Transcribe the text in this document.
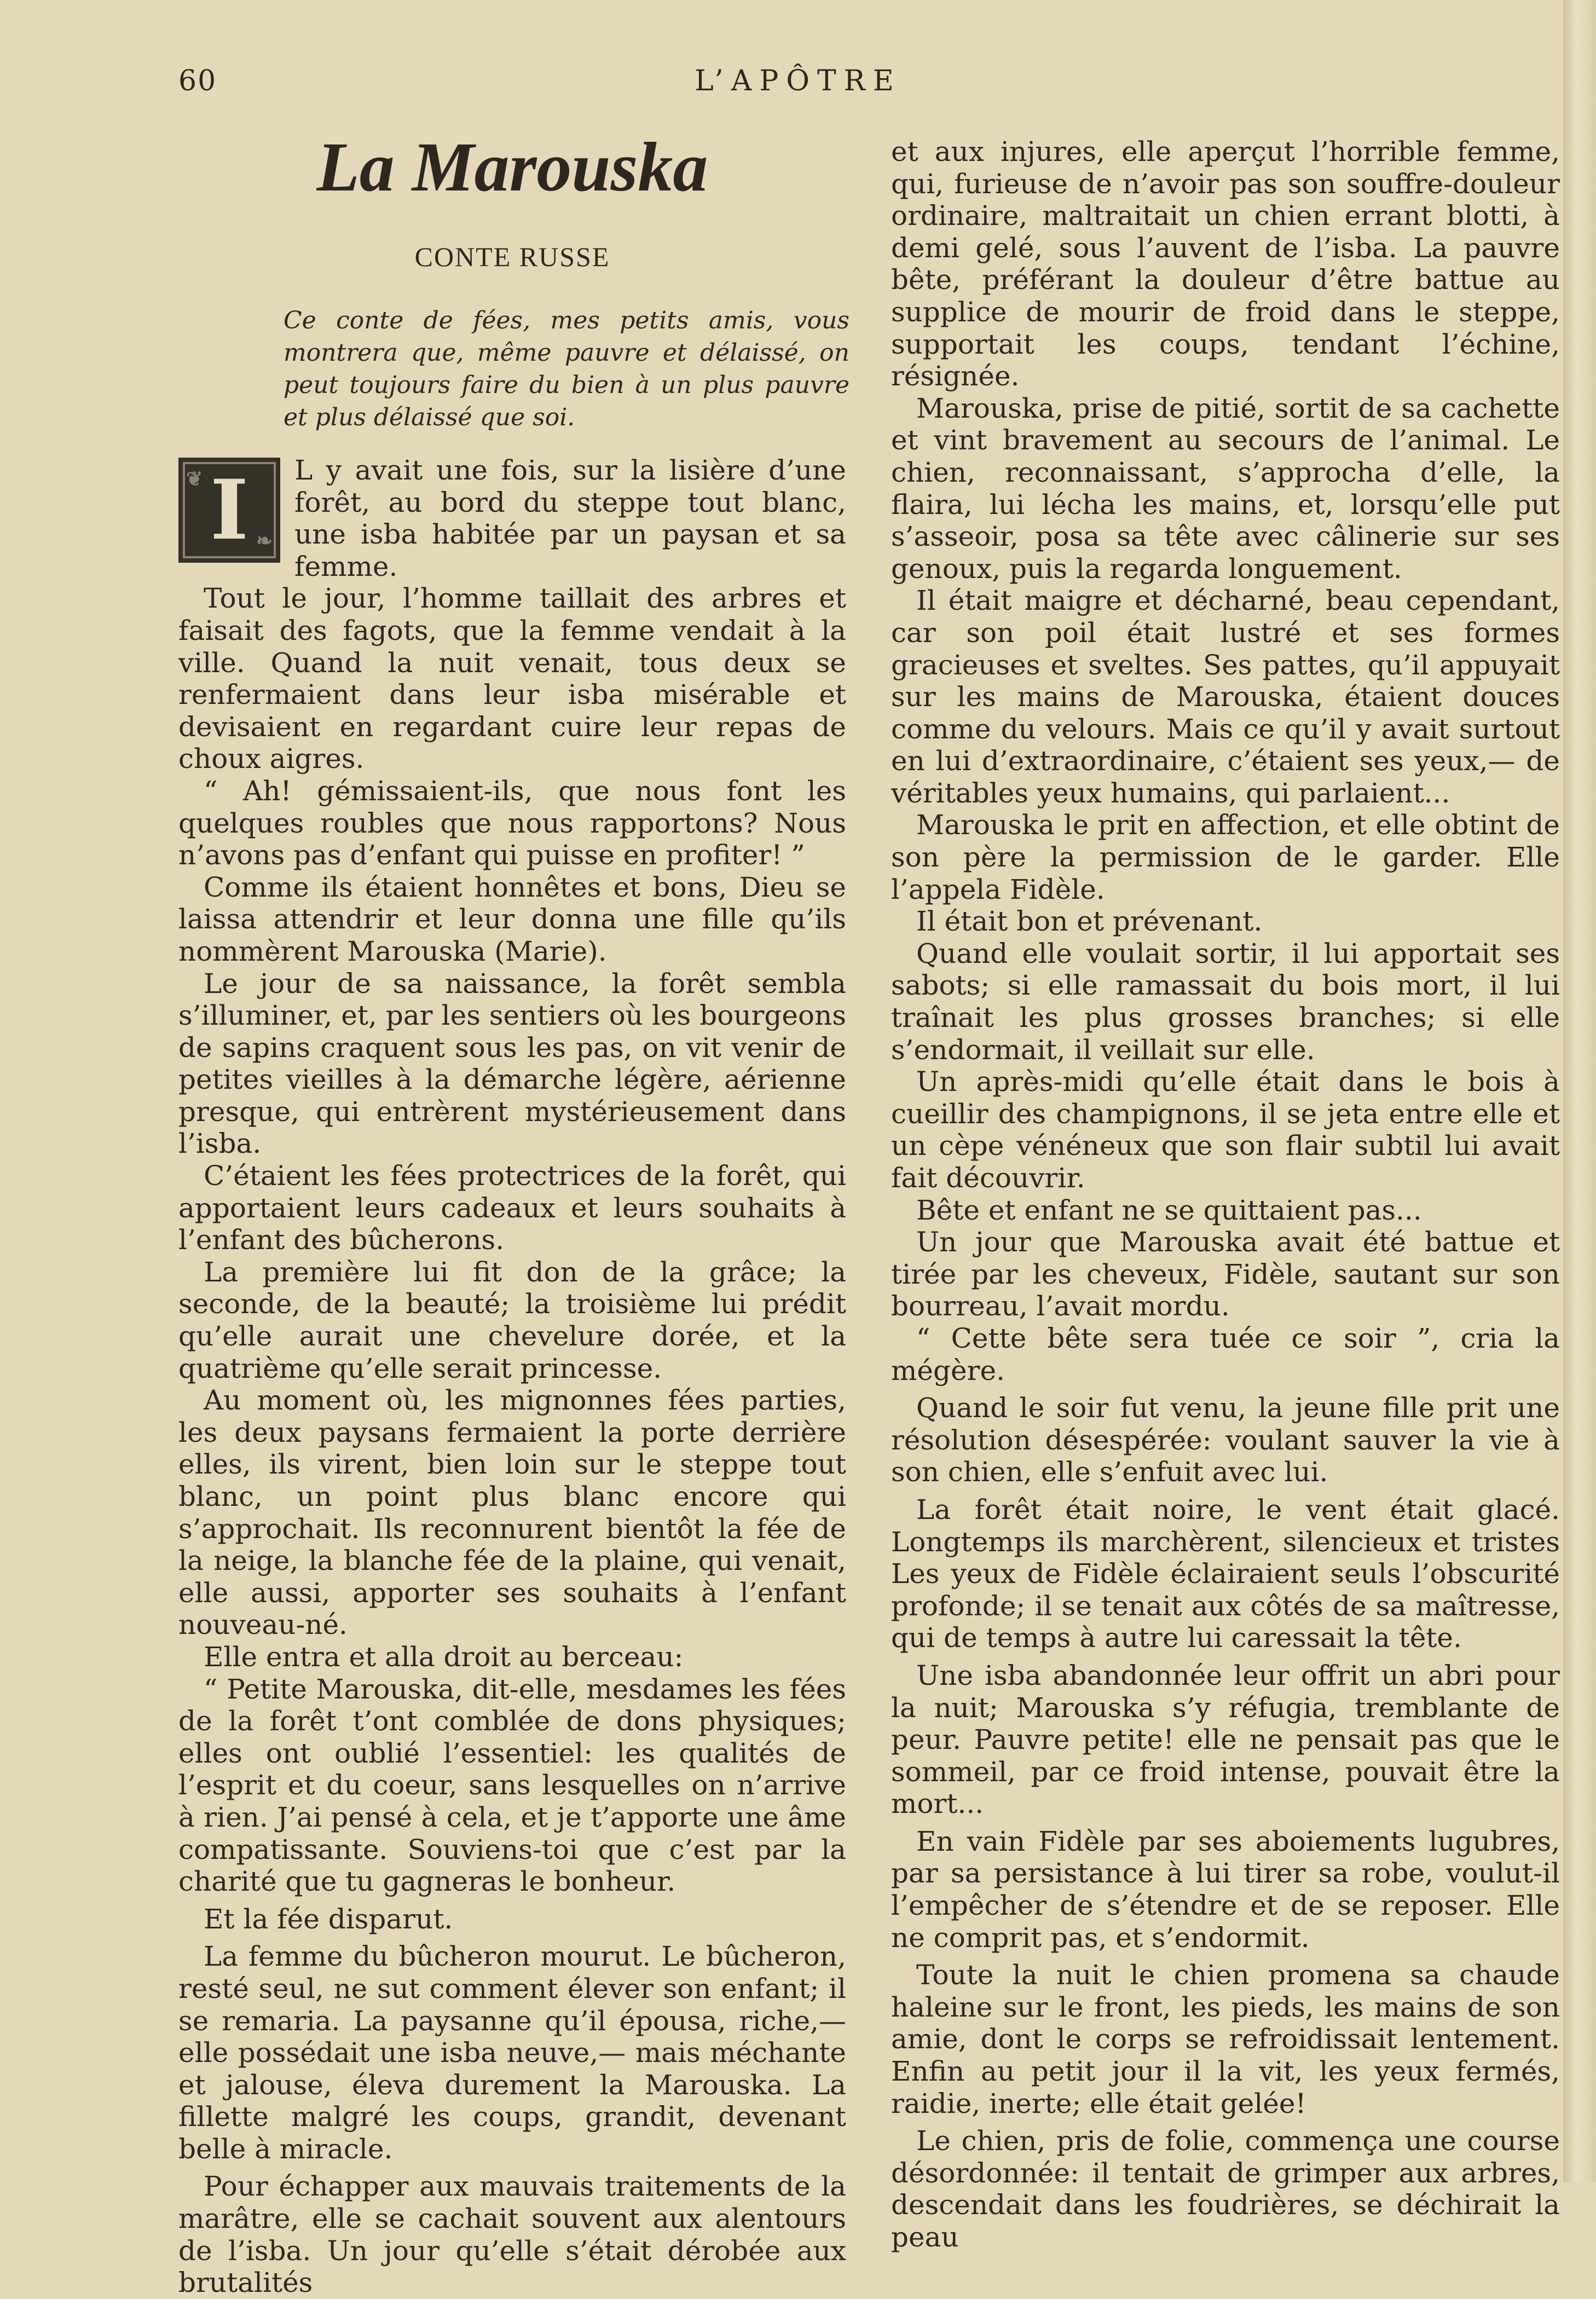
60	L’APÔTRE
La Marouska
CONTE RUSSE

Ce conte de fées, mes petits amis, vous montrera que, même pauvre et délaissé, on peut toujours faire du bien à un plus pauvre et plus délaissé que soi.

❦
❧
I	L y avait une fois, sur la lisière d’une forêt, au bord du steppe tout blanc, une isba habitée par un paysan et sa femme.

Tout le jour, l’homme taillait des arbres et faisait des fagots, que la femme vendait à la ville. Quand la nuit venait, tous deux se renfermaient dans leur isba misérable et devisaient en regardant cuire leur repas de choux aigres.

“ Ah! gémissaient-ils, que nous font les quelques roubles que nous rapportons? Nous n’avons pas d’enfant qui puisse en profiter! ”

Comme ils étaient honnêtes et bons, Dieu se laissa attendrir et leur donna une fille qu’ils nommèrent Marouska (Marie).

Le jour de sa naissance, la forêt sembla s’illuminer, et, par les sentiers où les bourgeons de sapins craquent sous les pas, on vit venir de petites vieilles à la démarche légère, aérienne presque, qui entrèrent mystérieusement dans l’isba.

C’étaient les fées protectrices de la forêt, qui apportaient leurs cadeaux et leurs souhaits à l’enfant des bûcherons.

La première lui fit don de la grâce; la seconde, de la beauté; la troisième lui prédit qu’elle aurait une chevelure dorée, et la quatrième qu’elle serait princesse.

Au moment où, les mignonnes fées parties, les deux paysans fermaient la porte derrière elles, ils virent, bien loin sur le steppe tout blanc, un point plus blanc encore qui s’approchait. Ils reconnurent bientôt la fée de la neige, la blanche fée de la plaine, qui venait, elle aussi, apporter ses souhaits à l’enfant nouveau-né.

Elle entra et alla droit au berceau:

“ Petite Marouska, dit-elle, mesdames les fées de la forêt t’ont comblée de dons physiques; elles ont oublié l’essentiel: les qualités de l’esprit et du coeur, sans lesquelles on n’arrive à rien. J’ai pensé à cela, et je t’apporte une âme compatissante. Souviens-toi que c’est par la charité que tu gagneras le bonheur.

Et la fée disparut.

La femme du bûcheron mourut. Le bûcheron, resté seul, ne sut comment élever son enfant; il se remaria. La paysanne qu’il épousa, riche,— elle possédait une isba neuve,— mais méchante et jalouse, éleva durement la Marouska. La fillette malgré les coups, grandit, devenant belle à miracle.

Pour échapper aux mauvais traitements de la marâtre, elle se cachait souvent aux alentours de l’isba. Un jour qu’elle s’était dérobée aux brutalités

et aux injures, elle aperçut l’horrible femme, qui, furieuse de n’avoir pas son souffre-douleur ordinaire, maltraitait un chien errant blotti, à demi gelé, sous l’auvent de l’isba. La pauvre bête, préférant la douleur d’être battue au supplice de mourir de froid dans le steppe, supportait les coups, tendant l’échine, résignée.

Marouska, prise de pitié, sortit de sa cachette et vint bravement au secours de l’animal. Le chien, reconnaissant, s’approcha d’elle, la flaira, lui lécha les mains, et, lorsqu’elle put s’asseoir, posa sa tête avec câlinerie sur ses genoux, puis la regarda longuement.

Il était maigre et décharné, beau cependant, car son poil était lustré et ses formes gracieuses et sveltes. Ses pattes, qu’il appuyait sur les mains de Marouska, étaient douces comme du velours. Mais ce qu’il y avait surtout en lui d’extraordinaire, c’étaient ses yeux,— de véritables yeux humains, qui parlaient...

Marouska le prit en affection, et elle obtint de son père la permission de le garder. Elle l’appela Fidèle.

Il était bon et prévenant.

Quand elle voulait sortir, il lui apportait ses sabots; si elle ramassait du bois mort, il lui traînait les plus grosses branches; si elle s’endormait, il veillait sur elle.

Un après-midi qu’elle était dans le bois à cueillir des champignons, il se jeta entre elle et un cèpe vénéneux que son flair subtil lui avait fait découvrir.

Bête et enfant ne se quittaient pas...

Un jour que Marouska avait été battue et tirée par les cheveux, Fidèle, sautant sur son bourreau, l’avait mordu.

“ Cette bête sera tuée ce soir ”, cria la mégère.

Quand le soir fut venu, la jeune fille prit une résolution désespérée: voulant sauver la vie à son chien, elle s’enfuit avec lui.

La forêt était noire, le vent était glacé. Longtemps ils marchèrent, silencieux et tristes Les yeux de Fidèle éclairaient seuls l’obscurité profonde; il se tenait aux côtés de sa maîtresse, qui de temps à autre lui caressait la tête.

Une isba abandonnée leur offrit un abri pour la nuit; Marouska s’y réfugia, tremblante de peur. Pauvre petite! elle ne pensait pas que le sommeil, par ce froid intense, pouvait être la mort...

En vain Fidèle par ses aboiements lugubres, par sa persistance à lui tirer sa robe, voulut-il l’empêcher de s’étendre et de se reposer. Elle ne comprit pas, et s’endormit.

Toute la nuit le chien promena sa chaude haleine sur le front, les pieds, les mains de son amie, dont le corps se refroidissait lentement. Enfin au petit jour il la vit, les yeux fermés, raidie, inerte; elle était gelée!

Le chien, pris de folie, commença une course désordonnée: il tentait de grimper aux arbres, descendait dans les foudrières, se déchirait la peau
